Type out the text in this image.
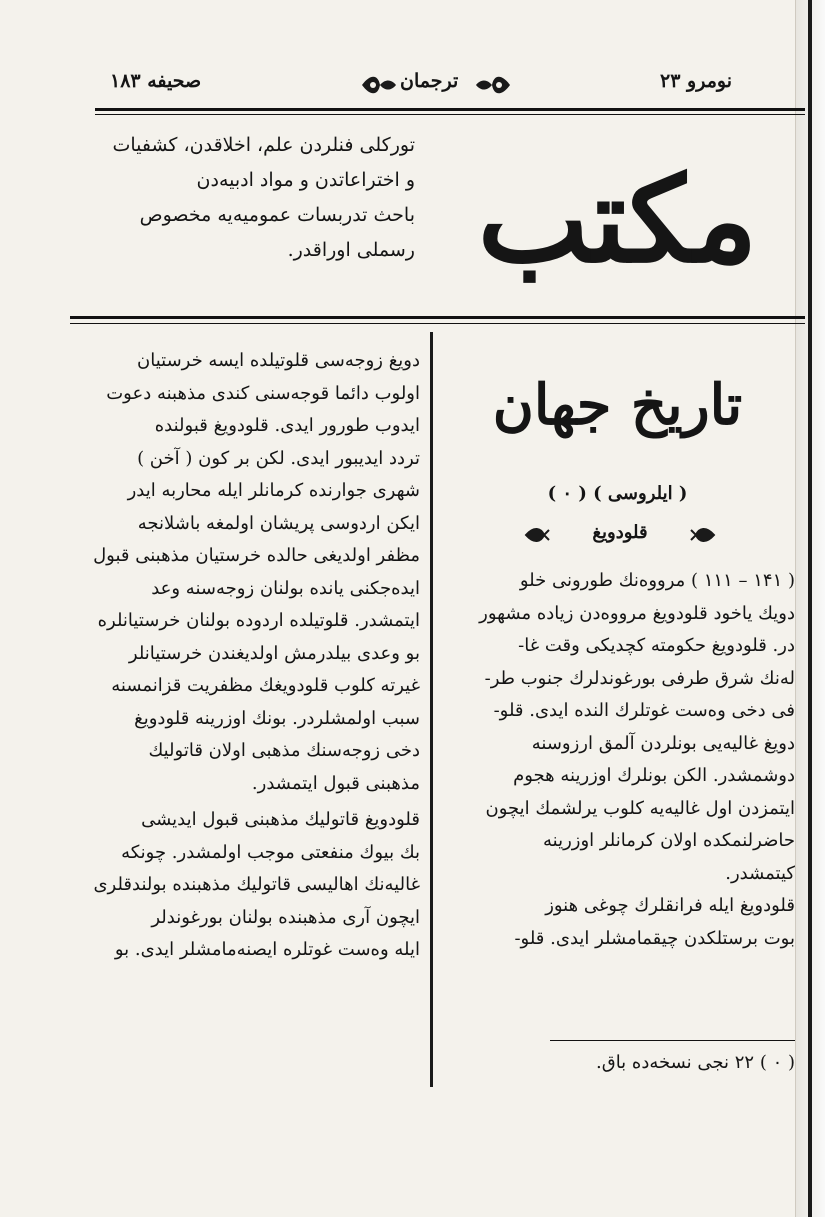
نومرو ۲۳
ترجمان
صحیفه ۱۸۳
مکتب
توركلى فنلردن علم، اخلاقدن، كشفيات
و اختراعاتدن و مواد ادبيه‌دن
باحث تدربسات عموميه‌يه مخصوص
رسملى اوراقدر.
تاريخ جهان
( ايلروسى ) ( ۰ )
قلودويغ
( ۱۴۱ – ۱۱۱ ) مرووه‌نك طورونى خلو
دويك ياخود قلودويغ مرووه‌دن زياده مشهور
در. قلودويغ حكومته كچديكى وقت غا-
له‌نك شرق طرفى بورغوندلرك جنوب طر-
فى دخى وه‌ست غوتلرك النده ايدى. قلو-
دويغ غاليه‌يى بونلردن آلمق ارزوسنه
دوشمشدر. الكن بونلرك اوزرينه هجوم
ايتمزدن اول غاليه‌يه كلوب يرلشمك ايچون
حاضرلنمكده اولان كرمانلر اوزرينه
كيتمشدر.
قلودويغ ايله فرانقلرك چوغى هنوز
بوت برستلكدن چيقمامشلر ايدى. قلو-
( ۰ ) ۲۲ نجى نسخه‌ده باق.
دويغ زوجه‌سى قلوتيلده ايسه خرستيان
اولوب دائما قوجه‌سنى كندى مذهبنه دعوت
ايدوب طورور ايدى. قلودويغ قبولنده
تردد ايديبور ايدى. لكن بر كون ( آخن )
شهرى جوارنده كرمانلر ايله محاربه ايدر
ايكن اردوسى پريشان اولمغه باشلانجه
مظفر اولديغى حالده خرستيان مذهبنى قبول
ايده‌جكنى يانده بولنان زوجه‌سنه وعد
ايتمشدر. قلوتيلده اردوده بولنان خرستيانلره
بو وعدى بيلدرمش اولديغندن خرستيانلر
غيرته كلوب قلودويغك مظفريت قزانمسنه
سبب اولمشلردر. بونك اوزرينه قلودويغ
دخى زوجه‌سنك مذهبى اولان قاتوليك
مذهبنى قبول ايتمشدر.
قلودويغ قاتوليك مذهبنى قبول ايديشى
بك بيوك منفعتى موجب اولمشدر. چونكه
غاليه‌نك اهاليسى قاتوليك مذهبنده بولندقلرى
ايچون آرى مذهبنده بولنان بورغوندلر
ايله وه‌ست غوتلره ايصنه‌مامشلر ايدى. بو
